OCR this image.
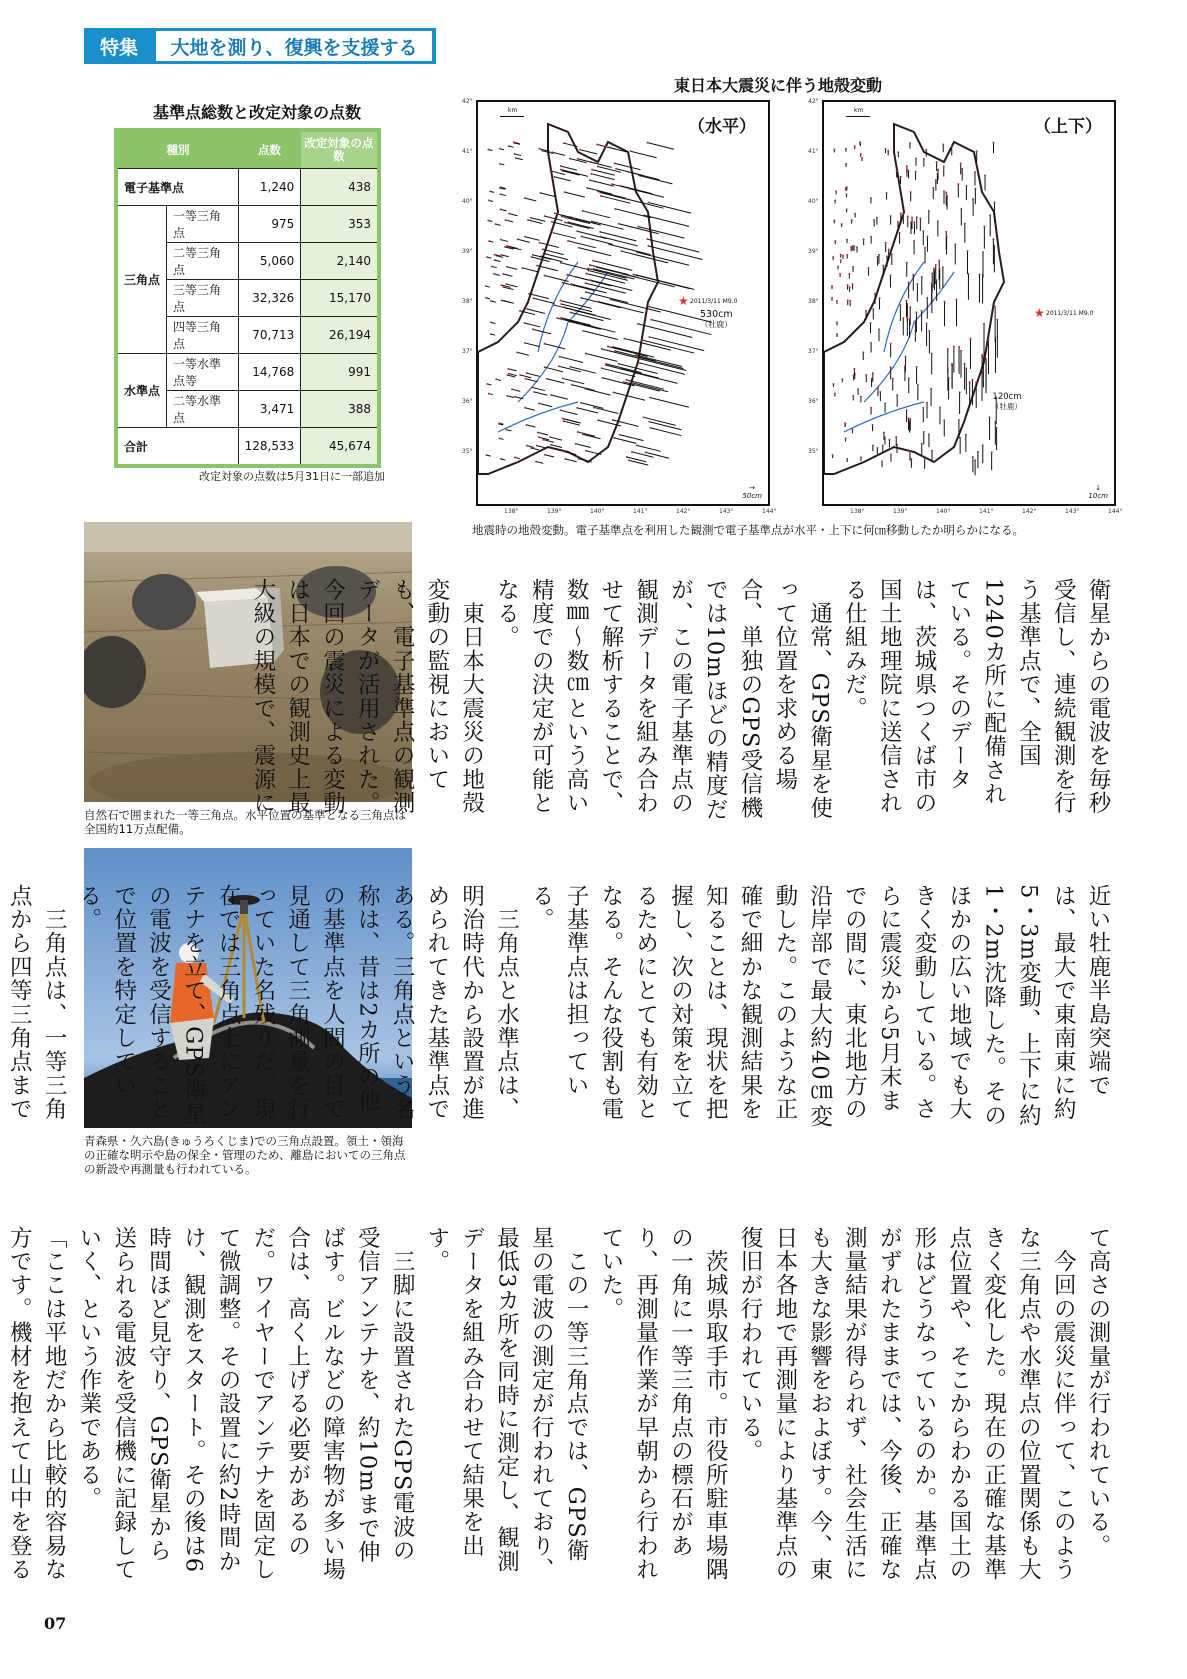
特集	大地を測り、復興を支援する
基準点総数と改定対象の点数
種別		点数	改定対象の点数
電子基準点		1,240	438
三角点	一等三角点	975	353
	二等三角点	5,060	2,140
	三等三角点	32,326	15,170
	四等三角点	70,713	26,194
水準点	一等水準点等	14,768	991
	二等水準点	3,471	388
合計		128,533	45,674
改定対象の点数は5月31日に一部追加
東日本大震災に伴う地殻変動
★
（水平）
km
2011/3/11 M9.0
530cm
（牡鹿）
→
50cm
★
（上下）
km
2011/3/11 M9.0
120cm
（牡鹿）
↓
10cm
42°
41°
40°
39°
38°
37°
36°
35°
138°	139°	140°	141°	142°	143°	144°
42°
41°
40°
39°
38°
37°
36°
35°
138°	139°	140°	141°	142°	143°	144°
地震時の地殻変動。電子基準点を利用した観測で電子基準点が水平・上下に何㎝移動したか明らかになる。
自然石で囲まれた一等三角点。水平位置の基準となる三角点は全国約11万点配備。
青森県・久六島(きゅうろくじま)での三角点設置。領土・領海の正確な明示や島の保全・管理のため、離島においての三角点の新設や再測量も行われている。
衛星からの電波を毎秒受信し、連続観測を行う基準点で、全国1240カ所に配備されている。そのデータは、茨城県つくば市の国土地理院に送信される仕組みだ。
　通常、GPS衛星を使って位置を求める場合、単独のGPS受信機では10mほどの精度だが、この電子基準点の観測データを組み合わせて解析することで、数㎜～数㎝という高い精度での決定が可能となる。
　東日本大震災の地殻変動の監視においても、電子基準点の観測データが活用された。今回の震災による変動は日本での観測史上最大級の規模で、震源に
近い牡鹿半島突端では、最大で東南東に約5・3m変動、上下に約1・2m沈降した。そのほかの広い地域でも大きく変動している。さらに震災から5月末までの間に、東北地方の沿岸部で最大約40㎝変動した。このような正確で細かな観測結果を知ることは、現状を把握し、次の対策を立てるためにとても有効となる。そんな役割も電子基準点は担っている。
　三角点と水準点は、明治時代から設置が進められてきた基準点である。三角点という名称は、昔は2カ所の他の基準点を人間の目で見通して三角測量を行っていた名残りだ。現在では三角点上にアンテナを立て、GPS衛星の電波を受信することで位置を特定している。
　三角点は、一等三角点から四等三角点まで
て高さの測量が行われている。
　今回の震災に伴って、このような三角点や水準点の位置関係も大きく変化した。現在の正確な基準点位置や、そこからわかる国土の形はどうなっているのか。基準点がずれたままでは、今後、正確な測量結果が得られず、社会生活にも大きな影響をおよぼす。今、東日本各地で再測量により基準点の復旧が行われている。
　茨城県取手市。市役所駐車場隅の一角に一等三角点の標石があり、再測量作業が早朝から行われていた。
　この一等三角点では、GPS衛星の電波の測定が行われており、最低3カ所を同時に測定し、観測データを組み合わせて結果を出す。
　三脚に設置されたGPS電波の受信アンテナを、約10mまで伸ばす。ビルなどの障害物が多い場合は、高く上げる必要があるのだ。ワイヤーでアンテナを固定して微調整。その設置に約2時間かけ、観測をスタート。その後は6時間ほど見守り、GPS衛星から送られる電波を受信機に記録していく、という作業である。
「ここは平地だから比較的容易な方です。機材を抱えて山中を登る

07
